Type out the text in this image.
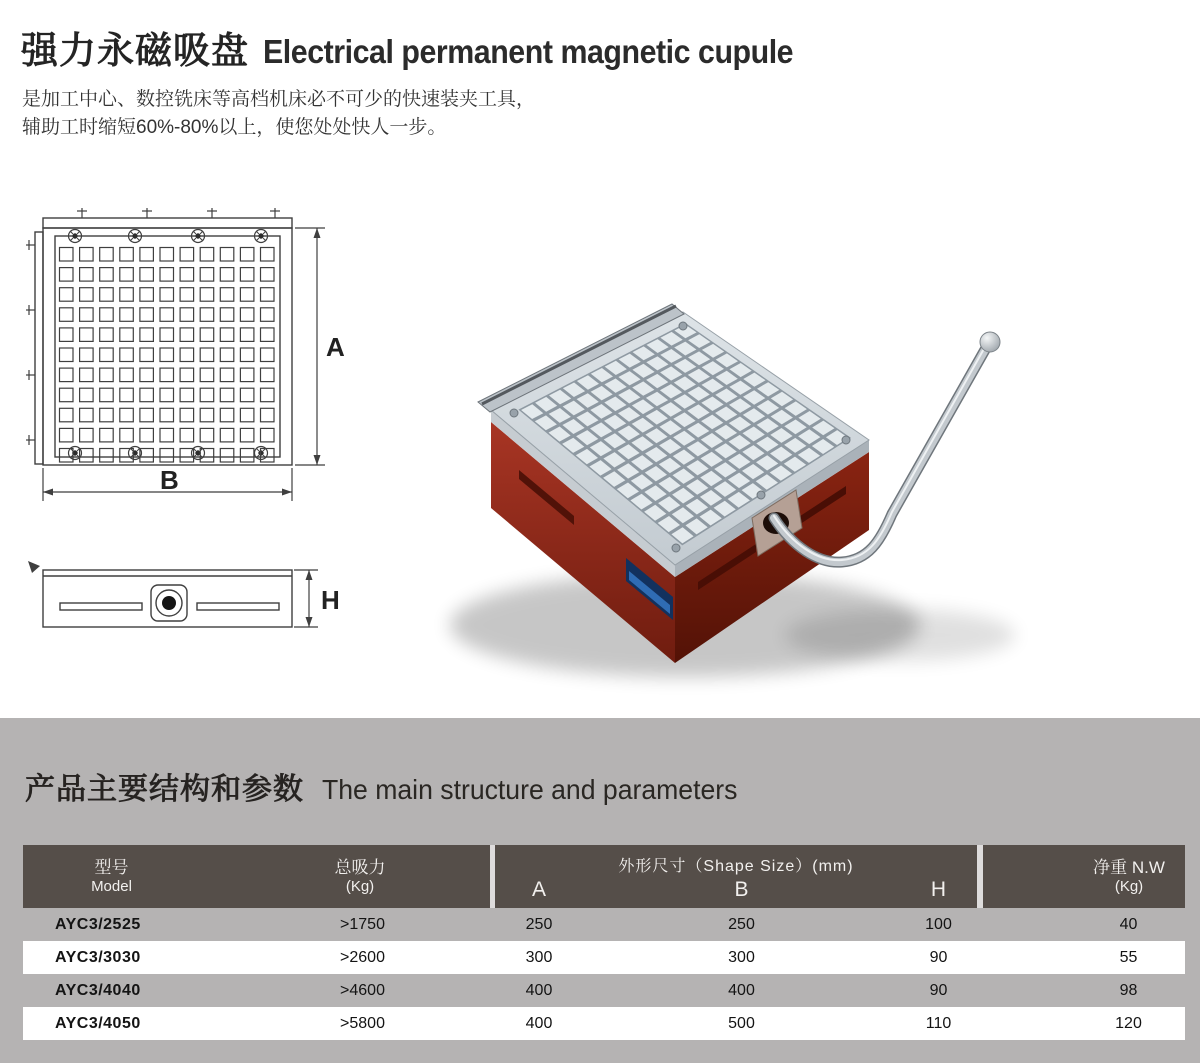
强力永磁吸盘 Electrical permanent magnetic cupule
是加工中心、数控铣床等高档机床必不可少的快速装夹工具，
辅助工时缩短60%-80%以上，使您处处快人一步。
A
B
H
产品主要结构和参数 The main structure and parameters
型号
Model
总吸力
(Kg)
外形尺寸（Shape Size）(mm)
A	B	H
净重 N.W
(Kg)
AYC3/2525	>1750	250	250	100	40
AYC3/3030	>2600	300	300	90	55
AYC3/4040	>4600	400	400	90	98
AYC3/4050	>5800	400	500	110	120
